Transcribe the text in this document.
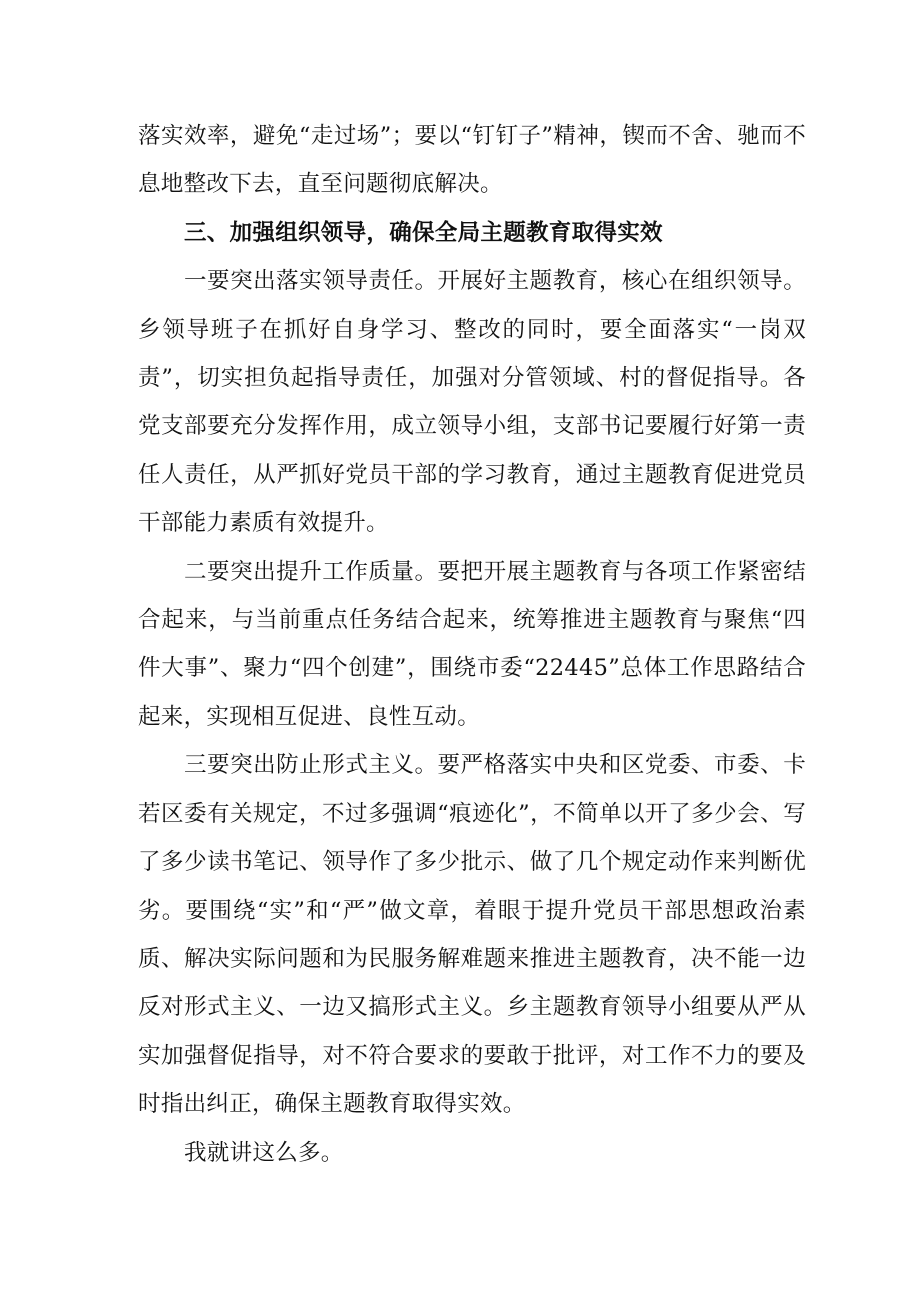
落实效率，避免“走过场”；要以“钉钉子”精神，锲而不舍、驰而不息地整改下去，直至问题彻底解决。

三、加强组织领导，确保全局主题教育取得实效

一要突出落实领导责任。开展好主题教育，核心在组织领导。乡领导班子在抓好自身学习、整改的同时，要全面落实“一岗双责”，切实担负起指导责任，加强对分管领域、村的督促指导。各党支部要充分发挥作用，成立领导小组，支部书记要履行好第一责任人责任，从严抓好党员干部的学习教育，通过主题教育促进党员干部能力素质有效提升。

二要突出提升工作质量。要把开展主题教育与各项工作紧密结合起来，与当前重点任务结合起来，统筹推进主题教育与聚焦“四件大事”、聚力“四个创建”，围绕市委“22445”总体工作思路结合起来，实现相互促进、良性互动。

三要突出防止形式主义。要严格落实中央和区党委、市委、卡若区委有关规定，不过多强调“痕迹化”，不简单以开了多少会、写了多少读书笔记、领导作了多少批示、做了几个规定动作来判断优劣。要围绕“实”和“严”做文章，着眼于提升党员干部思想政治素质、解决实际问题和为民服务解难题来推进主题教育，决不能一边反对形式主义、一边又搞形式主义。乡主题教育领导小组要从严从实加强督促指导，对不符合要求的要敢于批评，对工作不力的要及时指出纠正，确保主题教育取得实效。

我就讲这么多。
